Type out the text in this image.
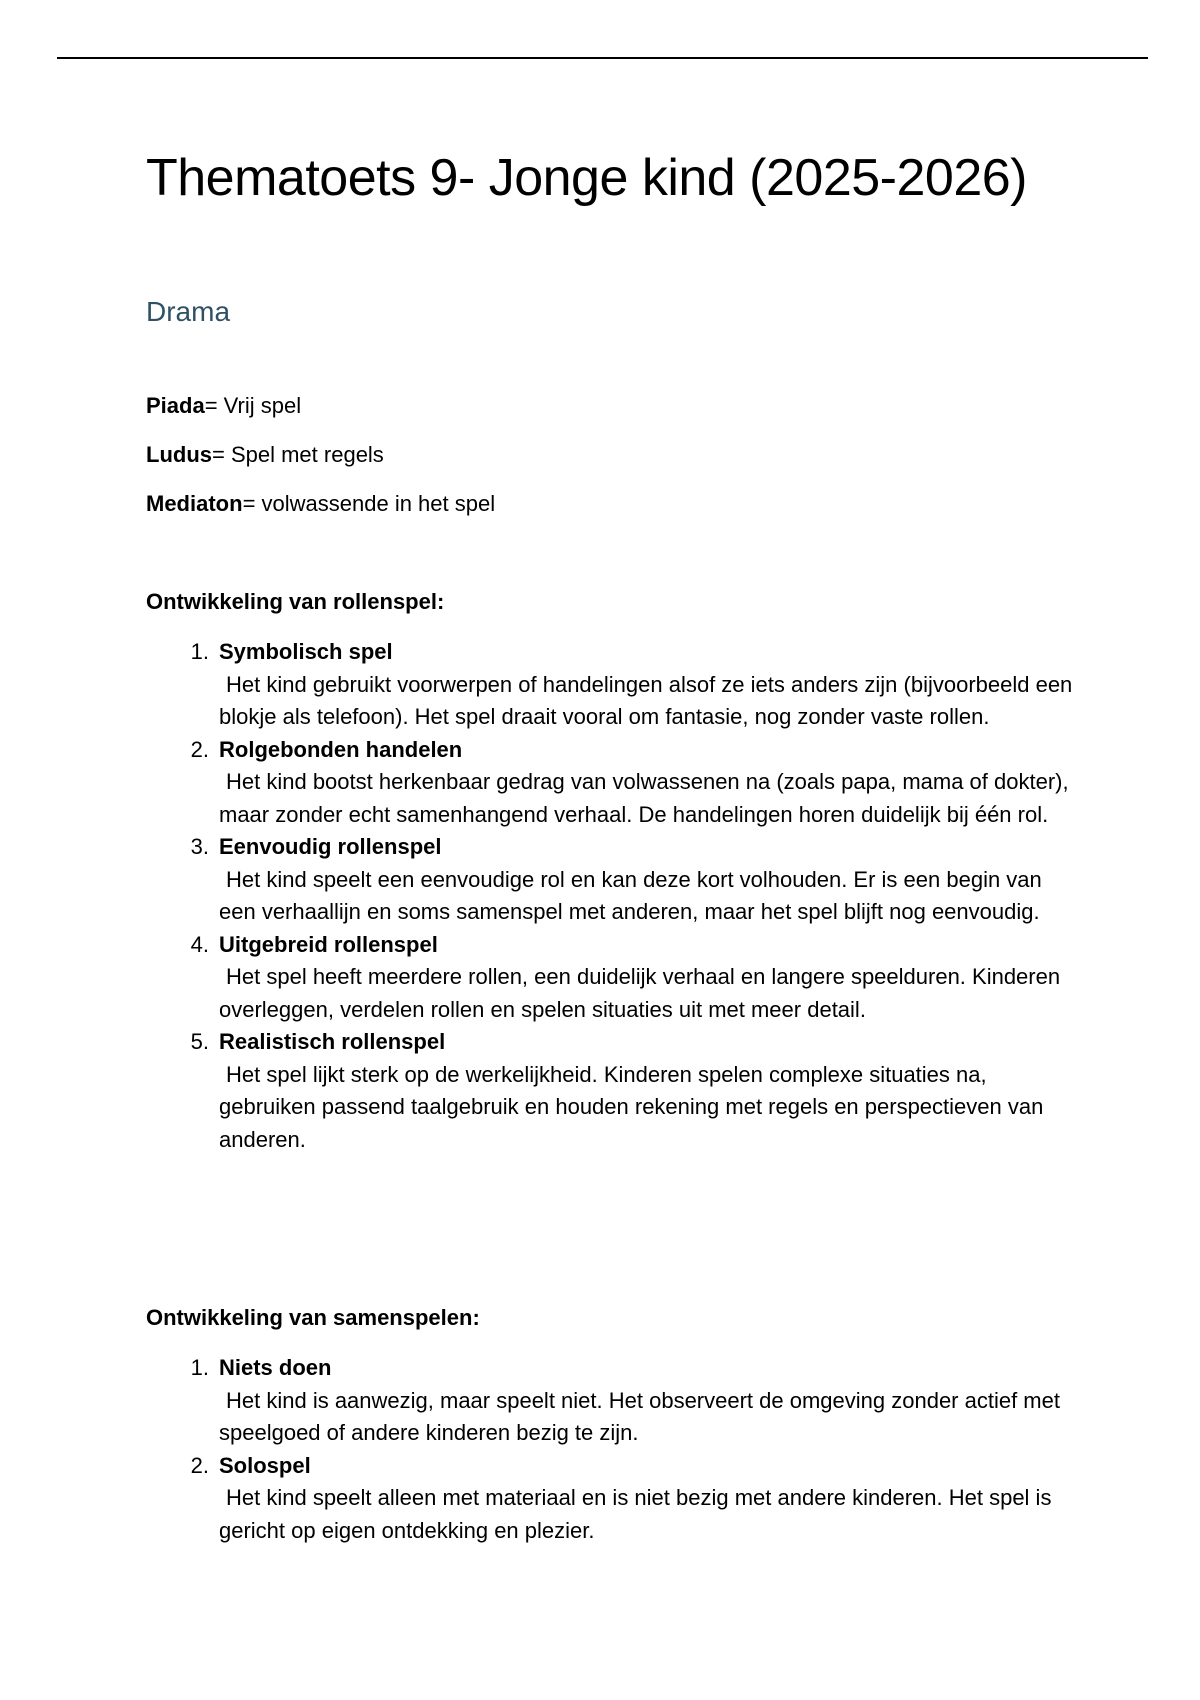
Thematoets 9- Jonge kind (2025-2026)
Drama
Piada= Vrij spel
Ludus= Spel met regels
Mediaton= volwassende in het spel
Ontwikkeling van rollenspel:
1. Symbolisch spel
Het kind gebruikt voorwerpen of handelingen alsof ze iets anders zijn (bijvoorbeeld een blokje als telefoon). Het spel draait vooral om fantasie, nog zonder vaste rollen.
2. Rolgebonden handelen
Het kind bootst herkenbaar gedrag van volwassenen na (zoals papa, mama of dokter), maar zonder echt samenhangend verhaal. De handelingen horen duidelijk bij één rol.
3. Eenvoudig rollenspel
Het kind speelt een eenvoudige rol en kan deze kort volhouden. Er is een begin van een verhaallijn en soms samenspel met anderen, maar het spel blijft nog eenvoudig.
4. Uitgebreid rollenspel
Het spel heeft meerdere rollen, een duidelijk verhaal en langere speelduren. Kinderen overleggen, verdelen rollen en spelen situaties uit met meer detail.
5. Realistisch rollenspel
Het spel lijkt sterk op de werkelijkheid. Kinderen spelen complexe situaties na, gebruiken passend taalgebruik en houden rekening met regels en perspectieven van anderen.
Ontwikkeling van samenspelen:
1. Niets doen
Het kind is aanwezig, maar speelt niet. Het observeert de omgeving zonder actief met speelgoed of andere kinderen bezig te zijn.
2. Solospel
Het kind speelt alleen met materiaal en is niet bezig met andere kinderen. Het spel is gericht op eigen ontdekking en plezier.
